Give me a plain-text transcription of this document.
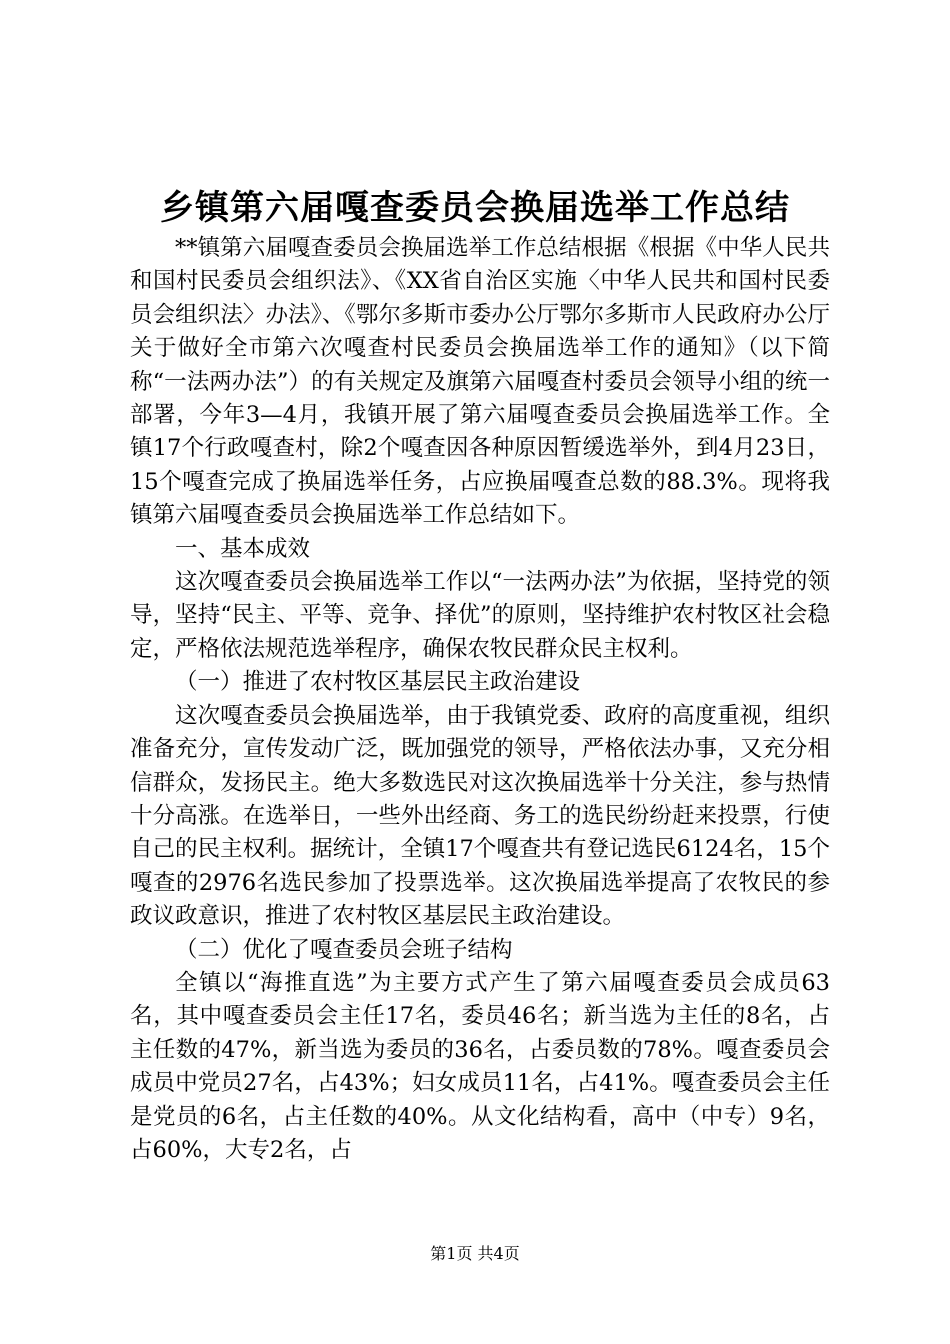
乡镇第六届嘎查委员会换届选举工作总结

**镇第六届嘎查委员会换届选举工作总结根据《根据《中华人民共和国村民委员会组织法》、《XX省自治区实施〈中华人民共和国村民委员会组织法〉办法》、《鄂尔多斯市委办公厅鄂尔多斯市人民政府办公厅关于做好全市第六次嘎查村民委员会换届选举工作的通知》（以下简称“一法两办法”）的有关规定及旗第六届嘎查村委员会领导小组的统一部署，今年3—4月，我镇开展了第六届嘎查委员会换届选举工作。全镇17个行政嘎查村，除2个嘎查因各种原因暂缓选举外，到4月23日，15个嘎查完成了换届选举任务，占应换届嘎查总数的88.3%。现将我镇第六届嘎查委员会换届选举工作总结如下。

一、基本成效

这次嘎查委员会换届选举工作以“一法两办法”为依据，坚持党的领导，坚持“民主、平等、竞争、择优”的原则，坚持维护农村牧区社会稳定，严格依法规范选举程序，确保农牧民群众民主权利。

（一）推进了农村牧区基层民主政治建设

这次嘎查委员会换届选举，由于我镇党委、政府的高度重视，组织准备充分，宣传发动广泛，既加强党的领导，严格依法办事，又充分相信群众，发扬民主。绝大多数选民对这次换届选举十分关注，参与热情十分高涨。在选举日，一些外出经商、务工的选民纷纷赶来投票，行使自己的民主权利。据统计，全镇17个嘎查共有登记选民6124名，15个嘎查的2976名选民参加了投票选举。这次换届选举提高了农牧民的参政议政意识，推进了农村牧区基层民主政治建设。

（二）优化了嘎查委员会班子结构

全镇以“海推直选”为主要方式产生了第六届嘎查委员会成员63名，其中嘎查委员会主任17名，委员46名；新当选为主任的8名，占主任数的47%，新当选为委员的36名，占委员数的78%。嘎查委员会成员中党员27名，占43%；妇女成员11名，占41%。嘎查委员会主任是党员的6名，占主任数的40%。从文化结构看，高中（中专）9名，占60%，大专2名，占

第1页 共4页
